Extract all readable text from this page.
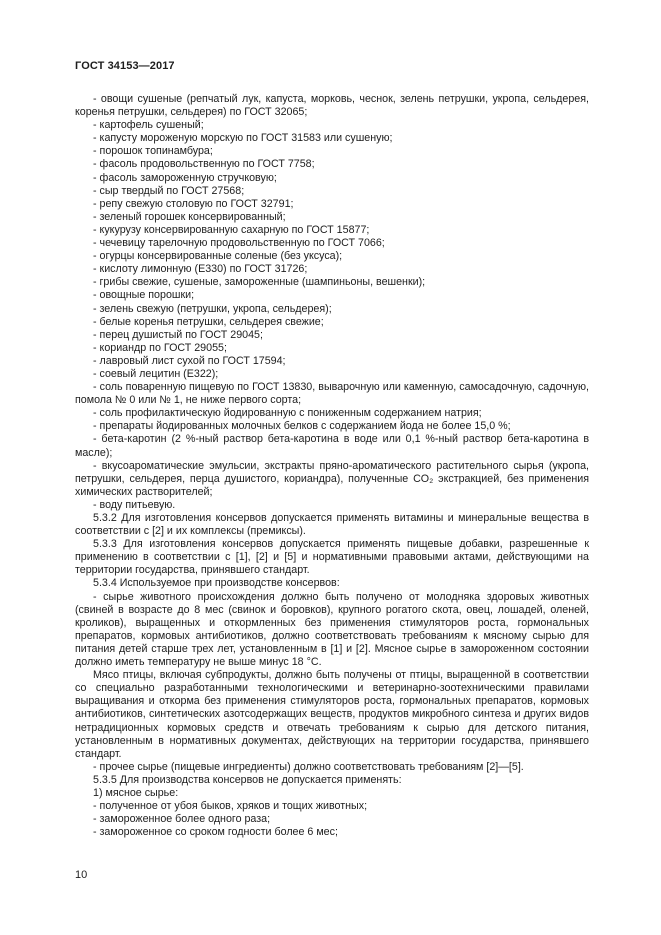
ГОСТ 34153—2017

- овощи сушеные (репчатый лук, капуста, морковь, чеснок, зелень петрушки, укропа, сельдерея, коренья петрушки, сельдерея) по ГОСТ 32065;

- картофель сушеный;

- капусту мороженую морскую по ГОСТ 31583 или сушеную;

- порошок топинамбура;

- фасоль продовольственную по ГОСТ 7758;

- фасоль замороженную стручковую;

- сыр твердый по ГОСТ 27568;

- репу свежую столовую по ГОСТ 32791;

- зеленый горошек консервированный;

- кукурузу консервированную сахарную по ГОСТ 15877;

- чечевицу тарелочную продовольственную по ГОСТ 7066;

- огурцы консервированные соленые (без уксуса);

- кислоту лимонную (Е330) по ГОСТ 31726;

- грибы свежие, сушеные, замороженные (шампиньоны, вешенки);

- овощные порошки;

- зелень свежую (петрушки, укропа, сельдерея);

- белые коренья петрушки, сельдерея свежие;

- перец душистый по ГОСТ 29045;

- кориандр по ГОСТ 29055;

- лавровый лист сухой по ГОСТ 17594;

- соевый лецитин (Е322);

- соль поваренную пищевую по ГОСТ 13830, выварочную или каменную, самосадочную, садочную, помола № 0 или № 1, не ниже первого сорта;

- соль профилактическую йодированную с пониженным содержанием натрия;

- препараты йодированных молочных белков с содержанием йода не более 15,0 %;

- бета-каротин (2 %-ный раствор бета-каротина в воде или 0,1 %-ный раствор бета-каротина в масле);

- вкусоароматические эмульсии, экстракты пряно-ароматического растительного сырья (укропа, петрушки, сельдерея, перца душистого, кориандра), полученные CO₂ экстракцией, без применения химических растворителей;

- воду питьевую.

5.3.2 Для изготовления консервов допускается применять витамины и минеральные вещества в соответствии с [2] и их комплексы (премиксы).

5.3.3 Для изготовления консервов допускается применять пищевые добавки, разрешенные к применению в соответствии с [1], [2] и [5] и нормативными правовыми актами, действующими на территории государства, принявшего стандарт.

5.3.4 Используемое при производстве консервов:

- сырье животного происхождения должно быть получено от молодняка здоровых животных (свиней в возрасте до 8 мес (свинок и боровков), крупного рогатого скота, овец, лошадей, оленей, кроликов), выращенных и откормленных без применения стимуляторов роста, гормональных препаратов, кормовых антибиотиков, должно соответствовать требованиям к мясному сырью для питания детей старше трех лет, установленным в [1] и [2]. Мясное сырье в замороженном состоянии должно иметь температуру не выше минус 18 °С.

Мясо птицы, включая субпродукты, должно быть получены от птицы, выращенной в соответствии со специально разработанными технологическими и ветеринарно-зоотехническими правилами выращивания и откорма без применения стимуляторов роста, гормональных препаратов, кормовых антибиотиков, синтетических азотсодержащих веществ, продуктов микробного синтеза и других видов нетрадиционных кормовых средств и отвечать требованиям к сырью для детского питания, установленным в нормативных документах, действующих на территории государства, принявшего стандарт.

- прочее сырье (пищевые ингредиенты) должно соответствовать требованиям [2]—[5].

5.3.5 Для производства консервов не допускается применять:

1) мясное сырье:

- полученное от убоя быков, хряков и тощих животных;

- замороженное более одного раза;

- замороженное со сроком годности более 6 мес;

10
